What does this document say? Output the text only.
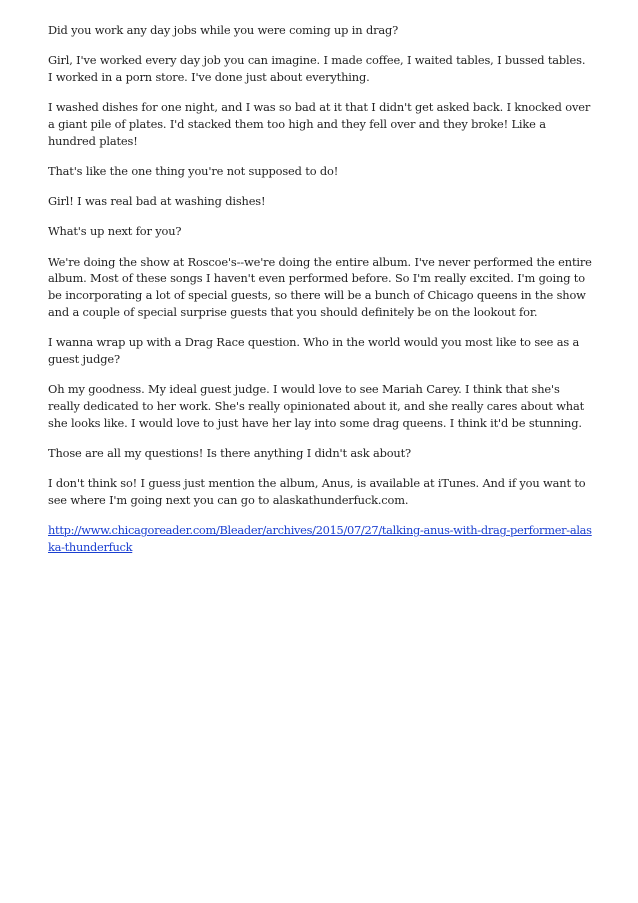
Did you work any day jobs while you were coming up in drag?

Girl, I've worked every day job you can imagine. I made coffee, I waited tables, I bussed tables. I worked in a porn store. I've done just about everything.

I washed dishes for one night, and I was so bad at it that I didn't get asked back. I knocked over a giant pile of plates. I'd stacked them too high and they fell over and they broke! Like a hundred plates!

That's like the one thing you're not supposed to do!

Girl! I was real bad at washing dishes!

What's up next for you?

We're doing the show at Roscoe's--we're doing the entire album. I've never performed the entire album. Most of these songs I haven't even performed before. So I'm really excited. I'm going to be incorporating a lot of special guests, so there will be a bunch of Chicago queens in the show and a couple of special surprise guests that you should definitely be on the lookout for.

I wanna wrap up with a Drag Race question. Who in the world would you most like to see as a guest judge?

Oh my goodness. My ideal guest judge. I would love to see Mariah Carey. I think that she's really dedicated to her work. She's really opinionated about it, and she really cares about what she looks like. I would love to just have her lay into some drag queens. I think it'd be stunning.

Those are all my questions! Is there anything I didn't ask about?

I don't think so! I guess just mention the album, Anus, is available at iTunes. And if you want to see where I'm going next you can go to alaskathunderfuck.com.

http://www.chicagoreader.com/Bleader/archives/2015/07/27/talking-anus-with-drag-performer-alaska-thunderfuck
